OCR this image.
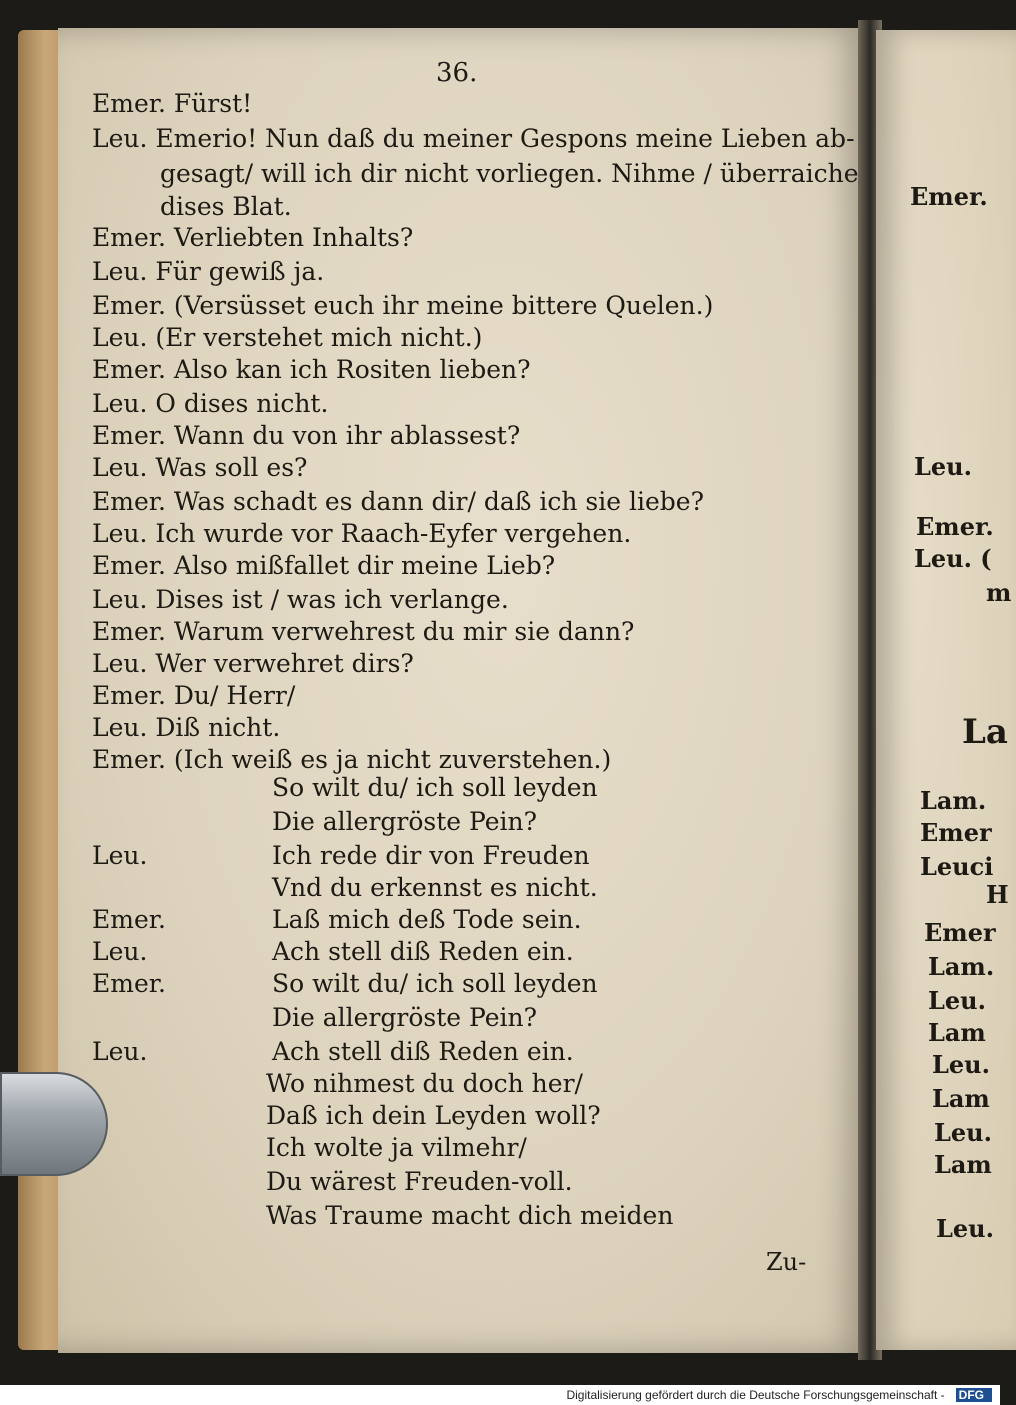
36.
Emer. Fürst!
Leu. Emerio! Nun daß du meiner Gespons meine Lieben ab-
gesagt/ will ich dir nicht vorliegen. Nihme / überraiche
dises Blat.
Emer. Verliebten Inhalts?
Leu. Für gewiß ja.
Emer. (Versüsset euch ihr meine bittere Quelen.)
Leu. (Er verstehet mich nicht.)
Emer. Also kan ich Rositen lieben?
Leu. O dises nicht.
Emer. Wann du von ihr ablassest?
Leu. Was soll es?
Emer. Was schadt es dann dir/ daß ich sie liebe?
Leu. Ich wurde vor Raach-Eyfer vergehen.
Emer. Also mißfallet dir meine Lieb?
Leu. Dises ist / was ich verlange.
Emer. Warum verwehrest du mir sie dann?
Leu. Wer verwehret dirs?
Emer. Du/ Herr/
Leu. Diß nicht.
Emer. (Ich weiß es ja nicht zuverstehen.)
So wilt du/ ich soll leyden
Die allergröste Pein?
Leu.	Ich rede dir von Freuden
Vnd du erkennst es nicht.
Emer.	Laß mich deß Tode sein.
Leu.	Ach stell diß Reden ein.
Emer.	So wilt du/ ich soll leyden
Die allergröste Pein?
Leu.	Ach stell diß Reden ein.
Wo nihmest du doch her/
Daß ich dein Leyden woll?
Ich wolte ja vilmehr/
Du wärest Freuden-voll.
Was Traume macht dich meiden
Zu-
Emer.
Leu.
Emer.
Leu. (
m
La
Lam.
Emer
Leuci
H
Emer
Lam.
Leu.
Lam
Leu.
Lam
Leu.
Lam
Leu.
Digitalisierung gefördert durch die Deutsche Forschungsgemeinschaft - DFG
